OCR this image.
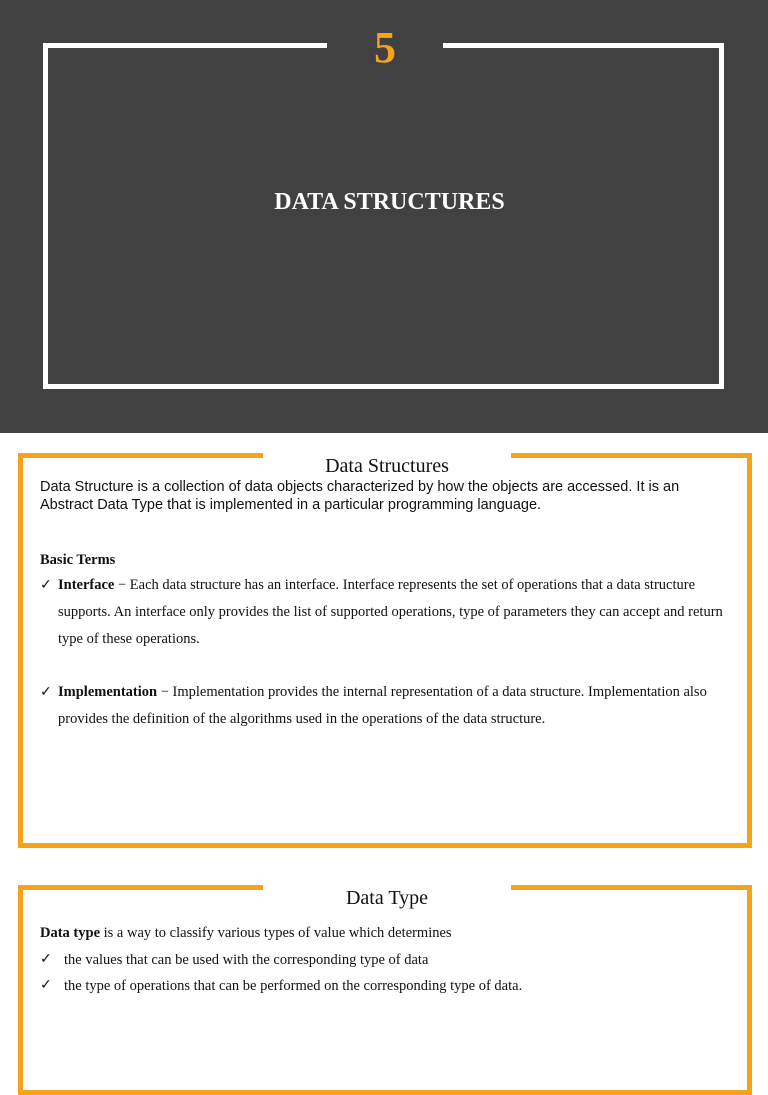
5
DATA STRUCTURES
Data Structures

Data Structure is a collection of data objects characterized by how the objects are accessed. It is an Abstract Data Type that is implemented in a particular programming language.

Basic Terms
✓ Interface − Each data structure has an interface. Interface represents the set of operations that a data structure supports. An interface only provides the list of supported operations, type of parameters they can accept and return type of these operations.
✓ Implementation − Implementation provides the internal representation of a data structure. Implementation also provides the definition of the algorithms used in the operations of the data structure.
Data Type
Data type is a way to classify various types of value which determines
✓ the values that can be used with the corresponding type of data
✓ the type of operations that can be performed on the corresponding type of data.
